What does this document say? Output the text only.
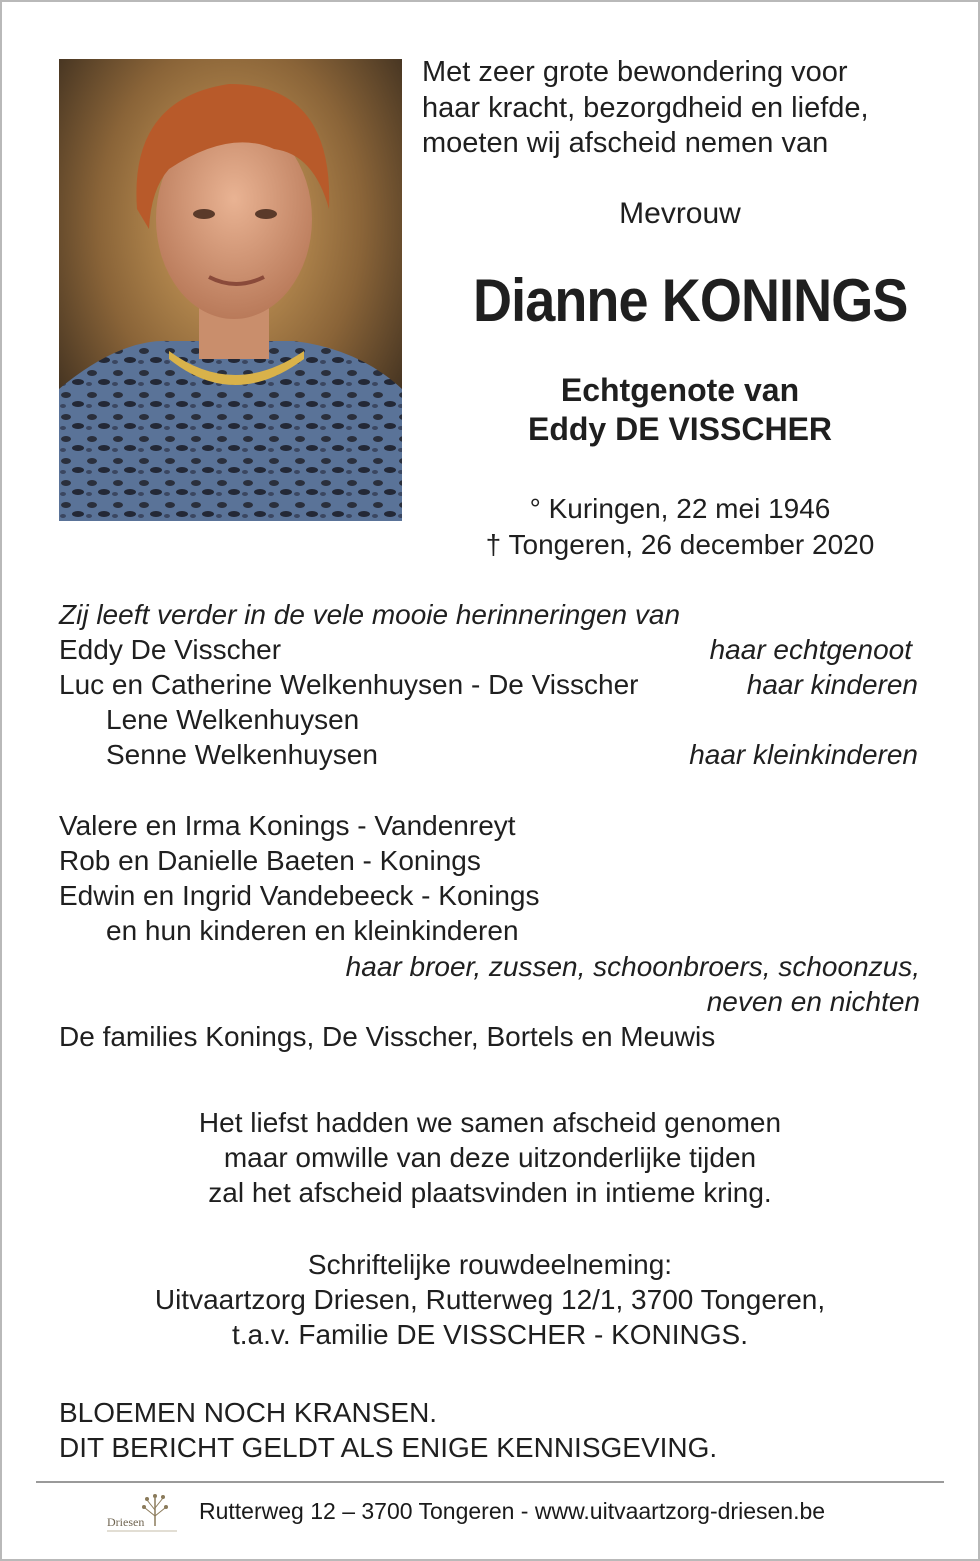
Met zeer grote bewondering voor
haar kracht, bezorgdheid en liefde,
moeten wij afscheid nemen van
Mevrouw
Dianne KONINGS
Echtgenote van
Eddy DE VISSCHER
° Kuringen, 22 mei 1946
† Tongeren, 26 december 2020
Zij leeft verder in de vele mooie herinneringen van
Eddy De Visscher	haar echtgenoot
Luc en Catherine Welkenhuysen - De Visscher	haar kinderen
Lene Welkenhuysen
Senne Welkenhuysen	haar kleinkinderen
Valere en Irma Konings - Vandenreyt
Rob en Danielle Baeten - Konings
Edwin en Ingrid Vandebeeck - Konings
en hun kinderen en kleinkinderen
haar broer, zussen, schoonbroers, schoonzus,
neven en nichten
De families Konings, De Visscher, Bortels en Meuwis
Het liefst hadden we samen afscheid genomen
maar omwille van deze uitzonderlijke tijden
zal het afscheid plaatsvinden in intieme kring.
Schriftelijke rouwdeelneming:
Uitvaartzorg Driesen, Rutterweg 12/1, 3700 Tongeren,
t.a.v. Familie DE VISSCHER - KONINGS.
BLOEMEN NOCH KRANSEN.
DIT BERICHT GELDT ALS ENIGE KENNISGEVING.
Driesen Rutterweg 12 – 3700 Tongeren - www.uitvaartzorg-driesen.be
